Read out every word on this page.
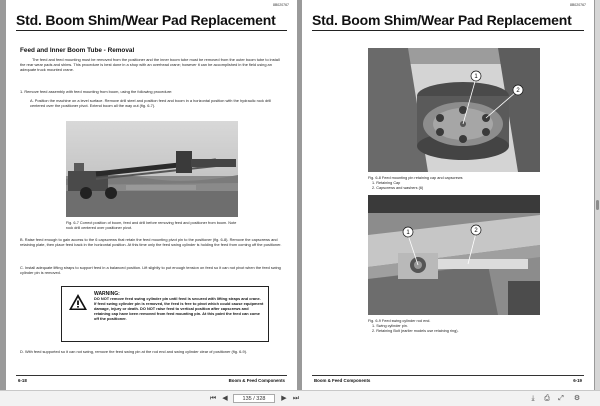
8B020767
Std. Boom Shim/Wear Pad Replacement
Feed and Inner Boom Tube - Removal
The feed and feed mounting must be removed from the positioner and the inner boom tube must be removed from the outer boom tube to install the rear wear pads and shims. This procedure is best done in a shop with an overhead crane; however it can be accomplished in the field using an adequate truck mounted crane.
1. Remove feed assembly with feed mounting from boom, using the following procedure:
A. Position the machine on a level surface. Remove drill steel and position feed and boom in a horizontal position with the hydraulic rock drill centered over the positioner pivot. Extend boom all the way out (fig. 6-7).
Fig. 6-7 Correct position of boom, feed and drill before removing feed and positioner from boom. Note rock drill centered over positioner pivot.
B. Raise feed enough to gain access to the 6 capscrews that retain the feed mounting pivot pin to the positioner (fig. 6-8). Remove the capscrews and retaining plate, then place feed back in the horizontal position. At this time only the feed swing cylinder is holding the feed from coming off the positioner.
C. Install adequate lifting straps to support feed in a balanced position. Lift slightly to put enough tension on feed so it can not pivot when the feed swing cylinder pin is removed.
WARNING:
DO NOT remove feed swing cylinder pin until feed is secured with lifting straps and crane. If feed swing cylinder pin is removed, the feed is free to pivot which could cause equipment damage, injury or death. DO NOT raise feed to vertical position after capscrews and retaining cap have been removed from feed mounting pin. At this point the feed can come off the positioner.
D. With feed supported so it can not swing, remove the feed swing pin at the rod end and swing cylinder clear of positioner (fig. 6-9).
6-18	Boom & Feed Components
8B020767
Std. Boom Shim/Wear Pad Replacement
1
2
Fig. 6-8 Feed mounting pin retaining cap and capscrews
1. Retaining Cap
2. Capscrews and washers (6)
1	2
Fig. 6-9 Feed swing cylinder rod end.
1. Swing cylinder pin.
2. Retaining Bolt (earlier models use retaining ring).
Boom & Feed Components	6-19
⏮ ◀
135 / 328	▶ ⏭	⤓	⎙	⤢	⚙
